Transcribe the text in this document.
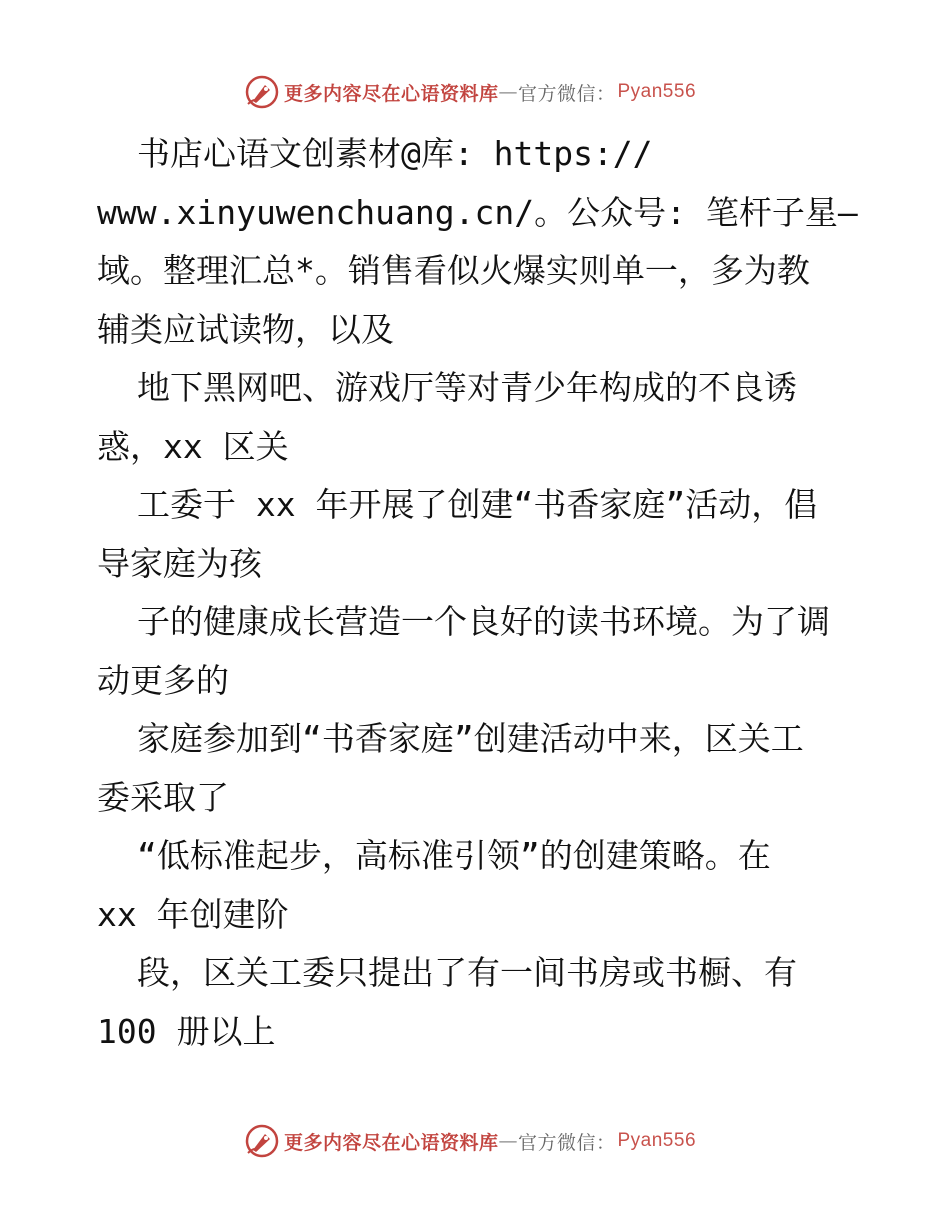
更多内容尽在心语资料库 — 官方微信： Pyan556
书店心语文创素材@库: https://
www.xinyuwenchuang.cn/。公众号: 笔杆子星—
域。整理汇总*。销售看似火爆实则单一，多为教
辅类应试读物，以及
地下黑网吧、游戏厅等对青少年构成的不良诱
惑，xx 区关
工委于 xx 年开展了创建“书香家庭”活动，倡
导家庭为孩
子的健康成长营造一个良好的读书环境。为了调
动更多的
家庭参加到“书香家庭”创建活动中来，区关工
委采取了
“低标准起步，高标准引领”的创建策略。在
xx 年创建阶
段，区关工委只提出了有一间书房或书橱、有
100 册以上
更多内容尽在心语资料库 — 官方微信： Pyan556
